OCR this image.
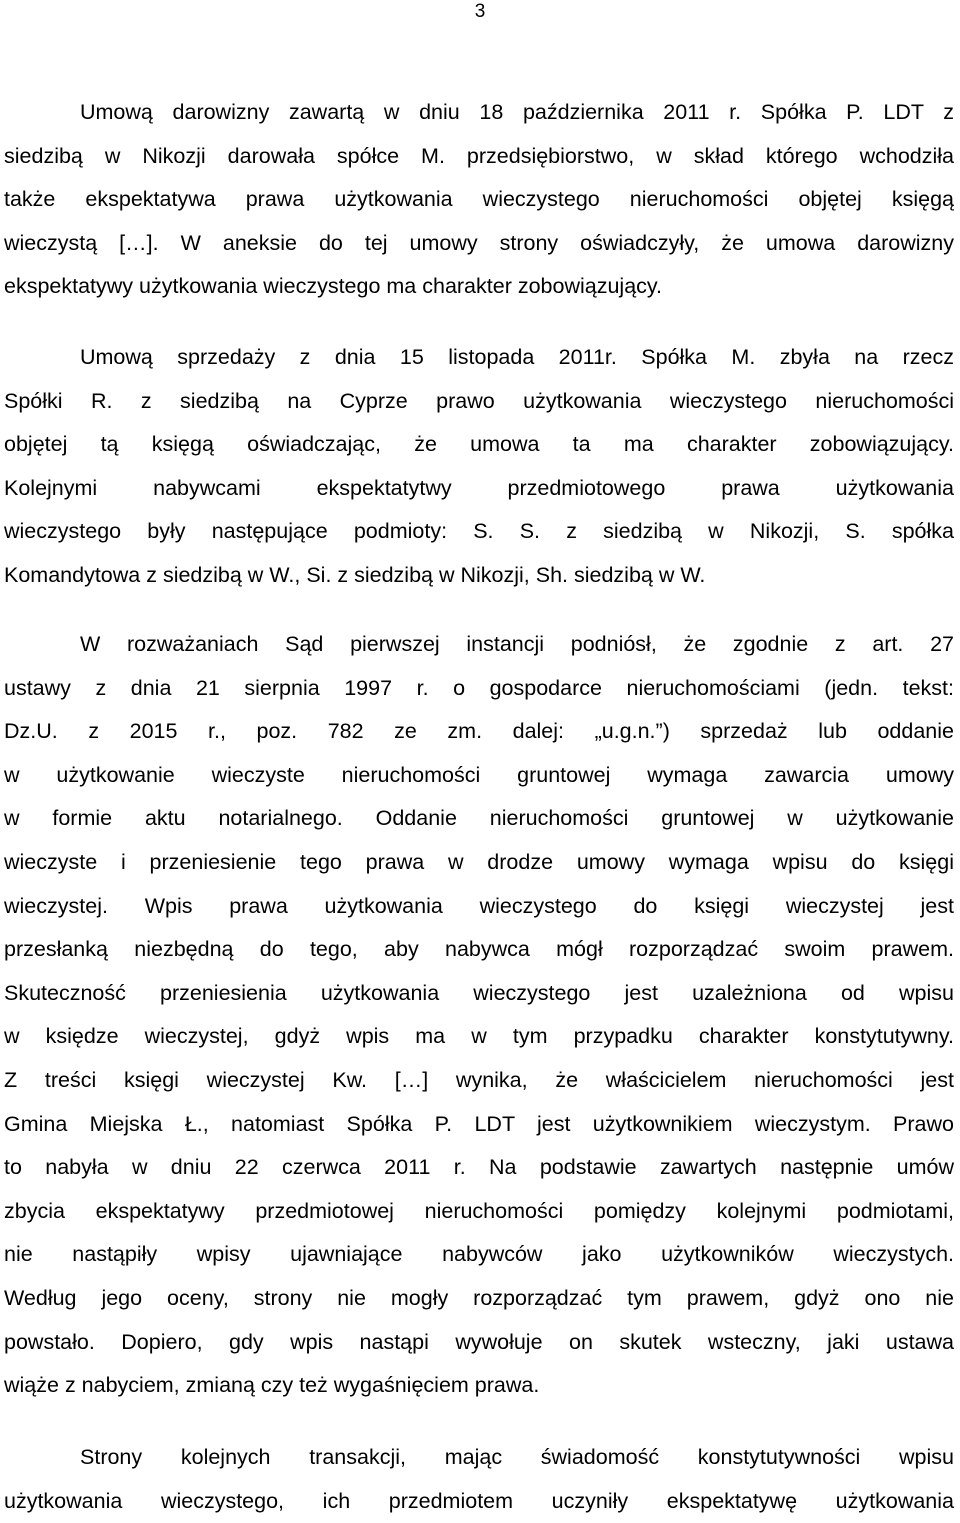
3
Umową darowizny zawartą w dniu 18 października 2011 r. Spółka P. LDT z
siedzibą w Nikozji darowała spółce M. przedsiębiorstwo, w skład którego wchodziła
także ekspektatywa prawa użytkowania wieczystego nieruchomości objętej księgą
wieczystą […]. W aneksie do tej umowy strony oświadczyły, że umowa darowizny
ekspektatywy użytkowania wieczystego ma charakter zobowiązujący.
Umową sprzedaży z dnia 15 listopada 2011r. Spółka M. zbyła na rzecz
Spółki R. z siedzibą na Cyprze prawo użytkowania wieczystego nieruchomości
objętej tą księgą oświadczając, że umowa ta ma charakter zobowiązujący.
Kolejnymi nabywcami ekspektatytwy przedmiotowego prawa użytkowania
wieczystego były następujące podmioty: S. S. z siedzibą w Nikozji, S. spółka
Komandytowa z siedzibą w W., Si. z siedzibą w Nikozji, Sh. siedzibą w W.
W rozważaniach Sąd pierwszej instancji podniósł, że zgodnie z art. 27
ustawy z dnia 21 sierpnia 1997 r. o gospodarce nieruchomościami (jedn. tekst:
Dz.U. z 2015 r., poz. 782 ze zm. dalej: „u.g.n.”) sprzedaż lub oddanie
w użytkowanie wieczyste nieruchomości gruntowej wymaga zawarcia umowy
w formie aktu notarialnego. Oddanie nieruchomości gruntowej w użytkowanie
wieczyste i przeniesienie tego prawa w drodze umowy wymaga wpisu do księgi
wieczystej. Wpis prawa użytkowania wieczystego do księgi wieczystej jest
przesłanką niezbędną do tego, aby nabywca mógł rozporządzać swoim prawem.
Skuteczność przeniesienia użytkowania wieczystego jest uzależniona od wpisu
w księdze wieczystej, gdyż wpis ma w tym przypadku charakter konstytutywny.
Z treści księgi wieczystej Kw. […] wynika, że właścicielem nieruchomości jest
Gmina Miejska Ł., natomiast Spółka P. LDT jest użytkownikiem wieczystym. Prawo
to nabyła w dniu 22 czerwca 2011 r. Na podstawie zawartych następnie umów
zbycia ekspektatywy przedmiotowej nieruchomości pomiędzy kolejnymi podmiotami,
nie nastąpiły wpisy ujawniające nabywców jako użytkowników wieczystych.
Według jego oceny, strony nie mogły rozporządzać tym prawem, gdyż ono nie
powstało. Dopiero, gdy wpis nastąpi wywołuje on skutek wsteczny, jaki ustawa
wiąże z nabyciem, zmianą czy też wygaśnięciem prawa.
Strony kolejnych transakcji, mając świadomość konstytutywności wpisu
użytkowania wieczystego, ich przedmiotem uczyniły ekspektatywę użytkowania
